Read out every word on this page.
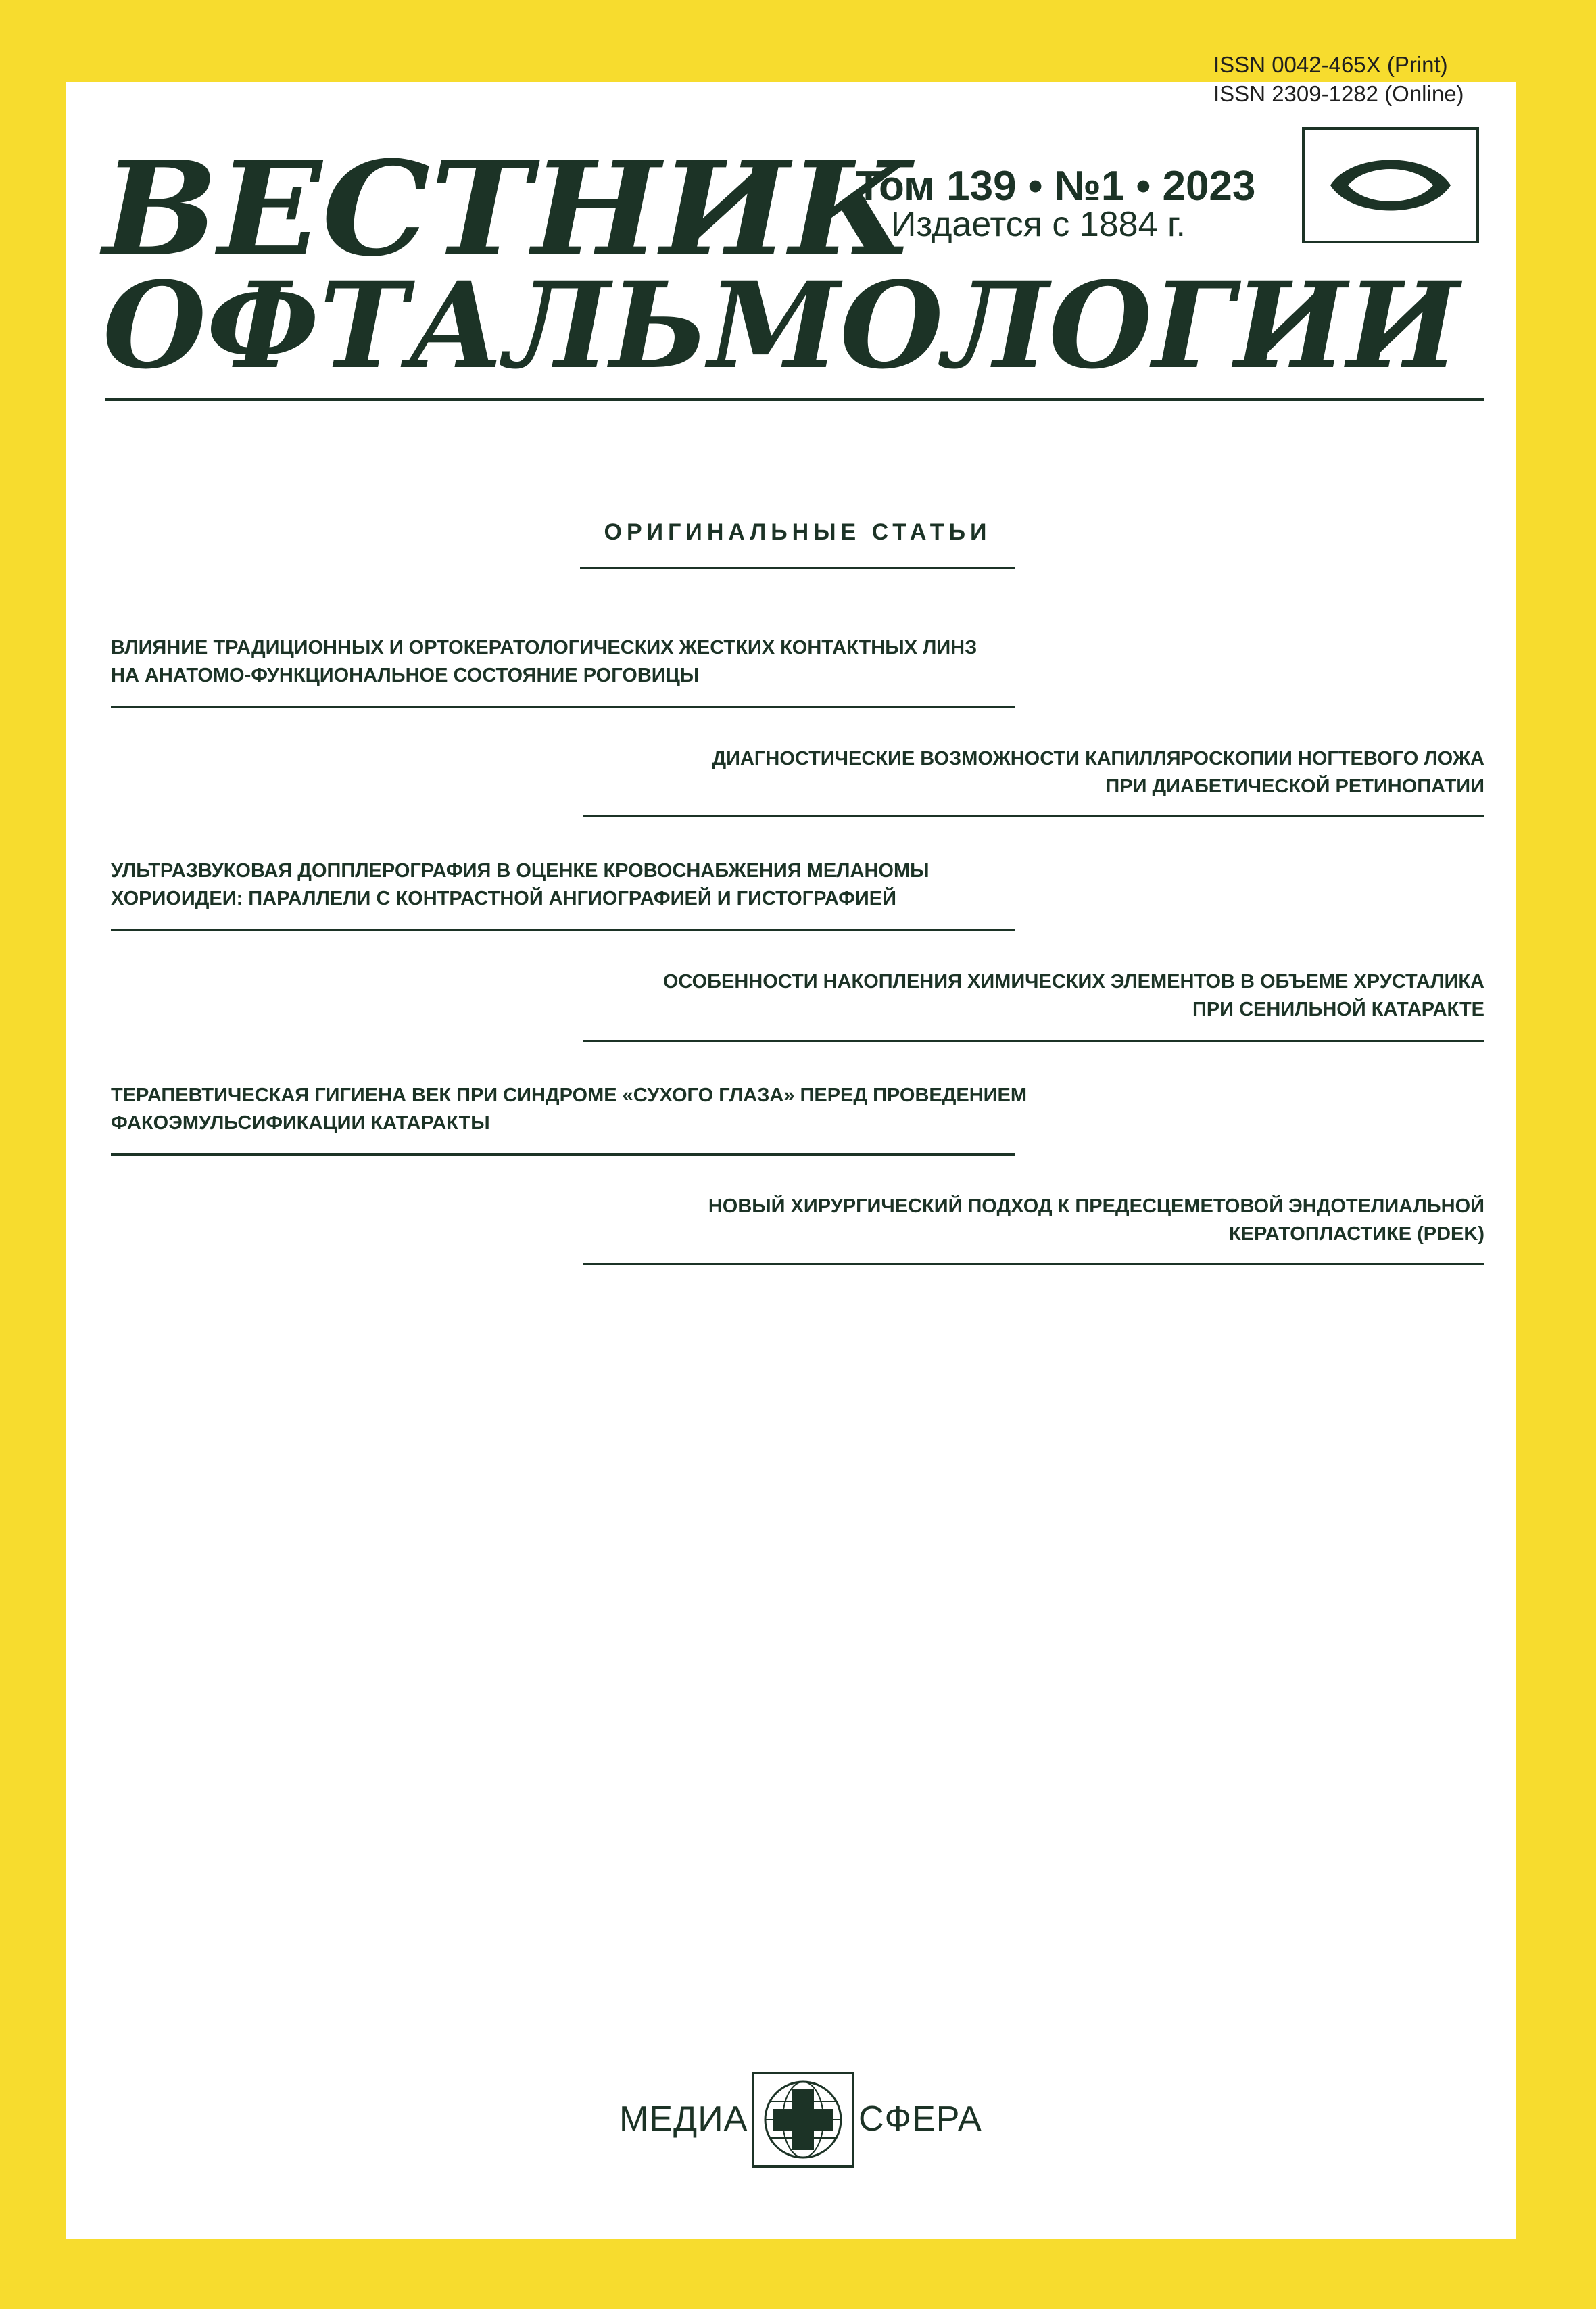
ISSN 0042-465X (Print)
ISSN 2309-1282 (Online)
ВЕСТНИК
ОФТАЛЬМОЛОГИИ
Том 139 • №1 • 2023
Издается с 1884 г.
ОРИГИНАЛЬНЫЕ СТАТЬИ
ВЛИЯНИЕ ТРАДИЦИОННЫХ И ОРТОКЕРАТОЛОГИЧЕСКИХ ЖЕСТКИХ КОНТАКТНЫХ ЛИНЗ
НА АНАТОМО-ФУНКЦИОНАЛЬНОЕ СОСТОЯНИЕ РОГОВИЦЫ
ДИАГНОСТИЧЕСКИЕ ВОЗМОЖНОСТИ КАПИЛЛЯРОСКОПИИ НОГТЕВОГО ЛОЖА
ПРИ ДИАБЕТИЧЕСКОЙ РЕТИНОПАТИИ
УЛЬТРАЗВУКОВАЯ ДОППЛЕРОГРАФИЯ В ОЦЕНКЕ КРОВОСНАБЖЕНИЯ МЕЛАНОМЫ
ХОРИОИДЕИ: ПАРАЛЛЕЛИ С КОНТРАСТНОЙ АНГИОГРАФИЕЙ И ГИСТОГРАФИЕЙ
ОСОБЕННОСТИ НАКОПЛЕНИЯ ХИМИЧЕСКИХ ЭЛЕМЕНТОВ В ОБЪЕМЕ ХРУСТАЛИКА
ПРИ СЕНИЛЬНОЙ КАТАРАКТЕ
ТЕРАПЕВТИЧЕСКАЯ ГИГИЕНА ВЕК ПРИ СИНДРОМЕ «СУХОГО ГЛАЗА» ПЕРЕД ПРОВЕДЕНИЕМ
ФАКОЭМУЛЬСИФИКАЦИИ КАТАРАКТЫ
НОВЫЙ ХИРУРГИЧЕСКИЙ ПОДХОД К ПРЕДЕСЦЕМЕТОВОЙ ЭНДОТЕЛИАЛЬНОЙ
КЕРАТОПЛАСТИКЕ (PDEK)
МЕДИА	СФЕРА
